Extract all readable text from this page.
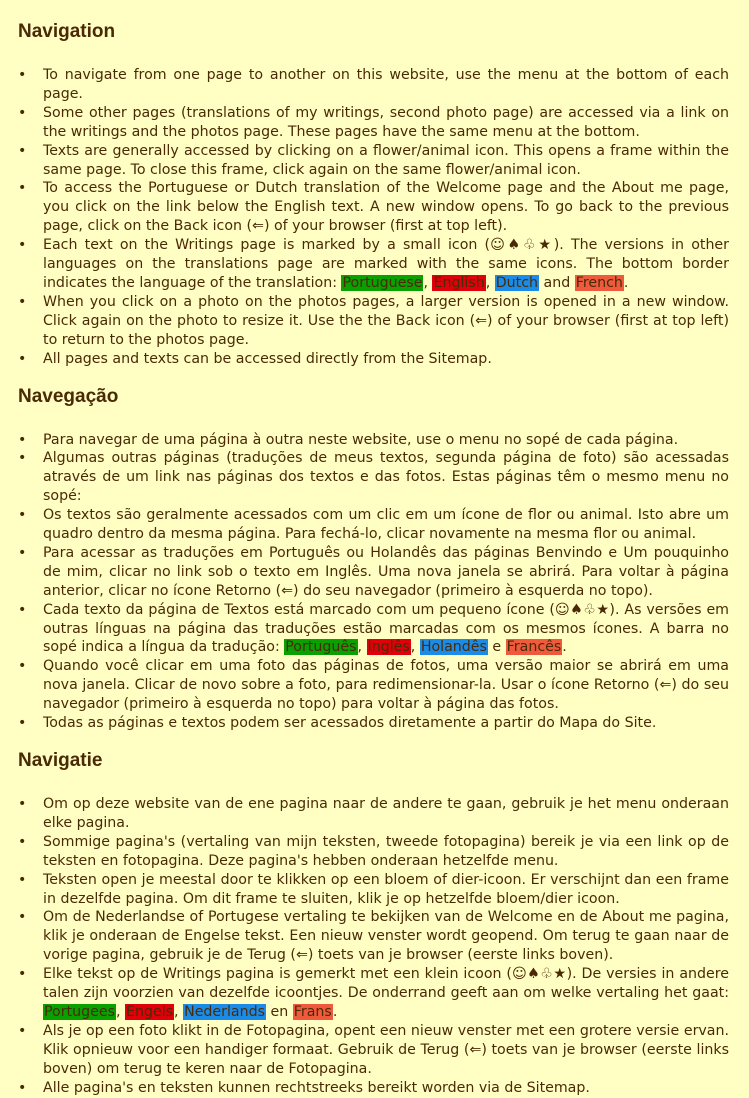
Navigation
• To navigate from one page to another on this website, use the menu at the bottom of each page.
• Some other pages (translations of my writings, second photo page) are accessed via a link on the writings and the photos page. These pages have the same menu at the bottom.
• Texts are generally accessed by clicking on a flower/animal icon. This opens a frame within the same page. To close this frame, click again on the same flower/animal icon.
• To access the Portuguese or Dutch translation of the Welcome page and the About me page, you click on the link below the English text. A new window opens. To go back to the previous page, click on the Back icon (⇐) of your browser (first at top left).
• Each text on the Writings page is marked by a small icon (☺♠♧★). The versions in other languages on the translations page are marked with the same icons. The bottom border indicates the language of the translation: Portuguese, English, Dutch and French.
• When you click on a photo on the photos pages, a larger version is opened in a new window. Click again on the photo to resize it. Use the the Back icon (⇐) of your browser (first at top left) to return to the photos page.
• All pages and texts can be accessed directly from the Sitemap.
Navegação
• Para navegar de uma página à outra neste website, use o menu no sopé de cada página.
• Algumas outras páginas (traduções de meus textos, segunda página de foto) são acessadas através de um link nas páginas dos textos e das fotos. Estas páginas têm o mesmo menu no sopé:
• Os textos são geralmente acessados com um clic em um ícone de flor ou animal. Isto abre um quadro dentro da mesma página. Para fechá-lo, clicar novamente na mesma flor ou animal.
• Para acessar as traduções em Português ou Holandês das páginas Benvindo e Um pouquinho de mim, clicar no link sob o texto em Inglês. Uma nova janela se abrirá. Para voltar à página anterior, clicar no ícone Retorno (⇐) do seu navegador (primeiro à esquerda no topo).
• Cada texto da página de Textos está marcado com um pequeno ícone (☺♠♧★). As versões em outras línguas na página das traduções estão marcadas com os mesmos ícones. A barra no sopé indica a língua da tradução: Português, Inglês, Holandês e Francês.
• Quando você clicar em uma foto das páginas de fotos, uma versão maior se abrirá em uma nova janela. Clicar de novo sobre a foto, para redimensionar-la. Usar o ícone Retorno (⇐) do seu navegador (primeiro à esquerda no topo) para voltar à página das fotos.
• Todas as páginas e textos podem ser acessados diretamente a partir do Mapa do Site.
Navigatie
• Om op deze website van de ene pagina naar de andere te gaan, gebruik je het menu onderaan elke pagina.
• Sommige pagina's (vertaling van mijn teksten, tweede fotopagina) bereik je via een link op de teksten en fotopagina. Deze pagina's hebben onderaan hetzelfde menu.
• Teksten open je meestal door te klikken op een bloem of dier-icoon. Er verschijnt dan een frame in dezelfde pagina. Om dit frame te sluiten, klik je op hetzelfde bloem/dier icoon.
• Om de Nederlandse of Portugese vertaling te bekijken van de Welcome en de About me pagina, klik je onderaan de Engelse tekst. Een nieuw venster wordt geopend. Om terug te gaan naar de vorige pagina, gebruik je de Terug (⇐) toets van je browser (eerste links boven).
• Elke tekst op de Writings pagina is gemerkt met een klein icoon (☺♠♧★). De versies in andere talen zijn voorzien van dezelfde icoontjes. De onderrand geeft aan om welke vertaling het gaat: Portugees, Engels, Nederlands en Frans.
• Als je op een foto klikt in de Fotopagina, opent een nieuw venster met een grotere versie ervan. Klik opnieuw voor een handiger formaat. Gebruik de Terug (⇐) toets van je browser (eerste links boven) om terug te keren naar de Fotopagina.
• Alle pagina's en teksten kunnen rechtstreeks bereikt worden via de Sitemap.
